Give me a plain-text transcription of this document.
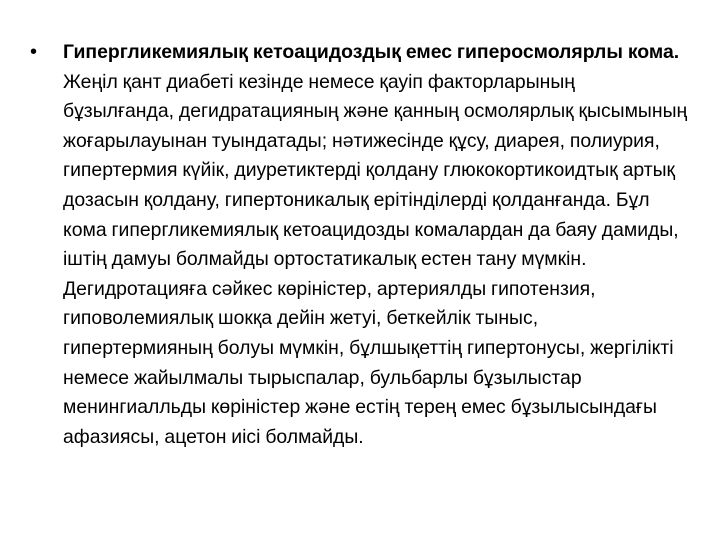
• Гипергликемиялық кетоацидоздық емес гиперосмолярлы кома. Жеңіл қант диабеті кезінде немесе қауіп факторларының бұзылғанда, дегидратацияның және қанның осмолярлық қысымының жоғарылауынан туындатады; нәтижесінде құсу, диарея, полиурия, гипертермия күйік, диуретиктерді қолдану глюкокортикоидтық артық дозасын қолдану, гипертоникалық ерітінділерді қолданғанда. Бұл кома гипергликемиялық кетоацидозды комалардан да баяу дамиды, іштің дамуы болмайды ортостатикалық естен тану мүмкін. Дегидротацияға сәйкес көріністер, артериялды гипотензия, гиповолемиялық шокқа дейін жетуі, беткейлік тыныс, гипертермияның болуы мүмкін, бұлшықеттің гипертонусы, жергілікті немесе жайылмалы тырыспалар, бульбарлы бұзылыстар менингиалльды көріністер және естің терең емес бұзылысындағы афазиясы, ацетон иісі болмайды.
